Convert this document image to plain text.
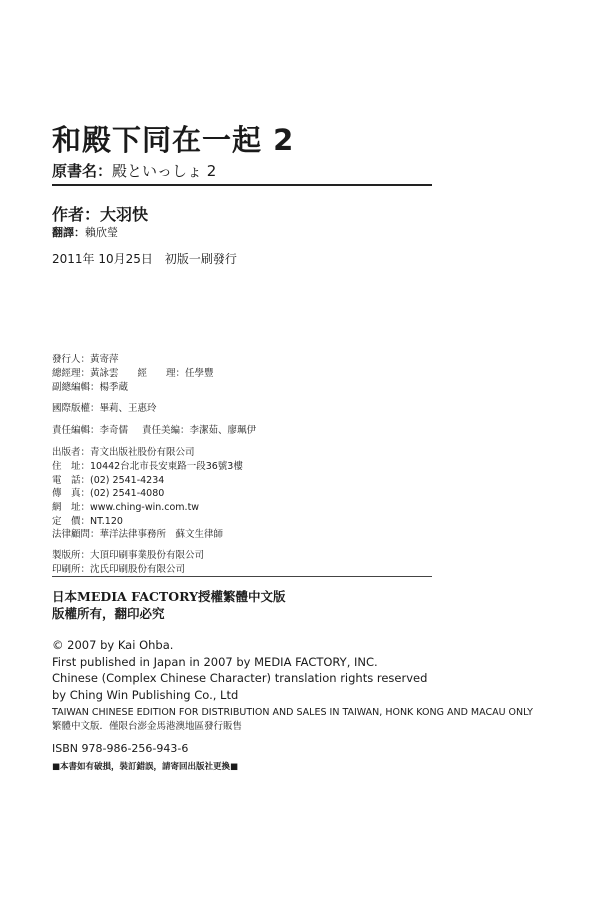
和殿下同在一起 2
原書名：殿といっしょ 2
作者：大羽快
翻譯：賴欣瑩
2011年 10月25日　初版一刷發行
發行人：黃寄萍
總經理：黃詠雲　　經　　理：任學豐
副總編輯：楊季蔵
國際版權：畢莉、王惠玲
責任編輯：李奇儒 責任美編：李潔茹、廖珮伊
出版者：青文出版社股份有限公司
住　址：10442台北市長安東路一段36號3樓
電　話：(02) 2541-4234
傳　真：(02) 2541-4080
網　址：www.ching-win.com.tw
定　價：NT.120
法律顧問：華洋法律事務所　蘇文生律師
製版所：大頂印刷事業股份有限公司
印刷所：沈氏印刷股份有限公司
日本MEDIA FACTORY授權繁體中文版
版權所有，翻印必究
© 2007 by Kai Ohba.
First published in Japan in 2007 by MEDIA FACTORY, INC.
Chinese (Complex Chinese Character) translation rights reserved
by Ching Win Publishing Co., Ltd
TAIWAN CHINESE EDITION FOR DISTRIBUTION AND SALES IN TAIWAN, HONK KONG AND MACAU ONLY
繁體中文版．僅限台澎金馬港澳地區發行販售
ISBN 978-986-256-943-6
■本書如有破損，裝訂錯誤，請寄回出版社更換■
